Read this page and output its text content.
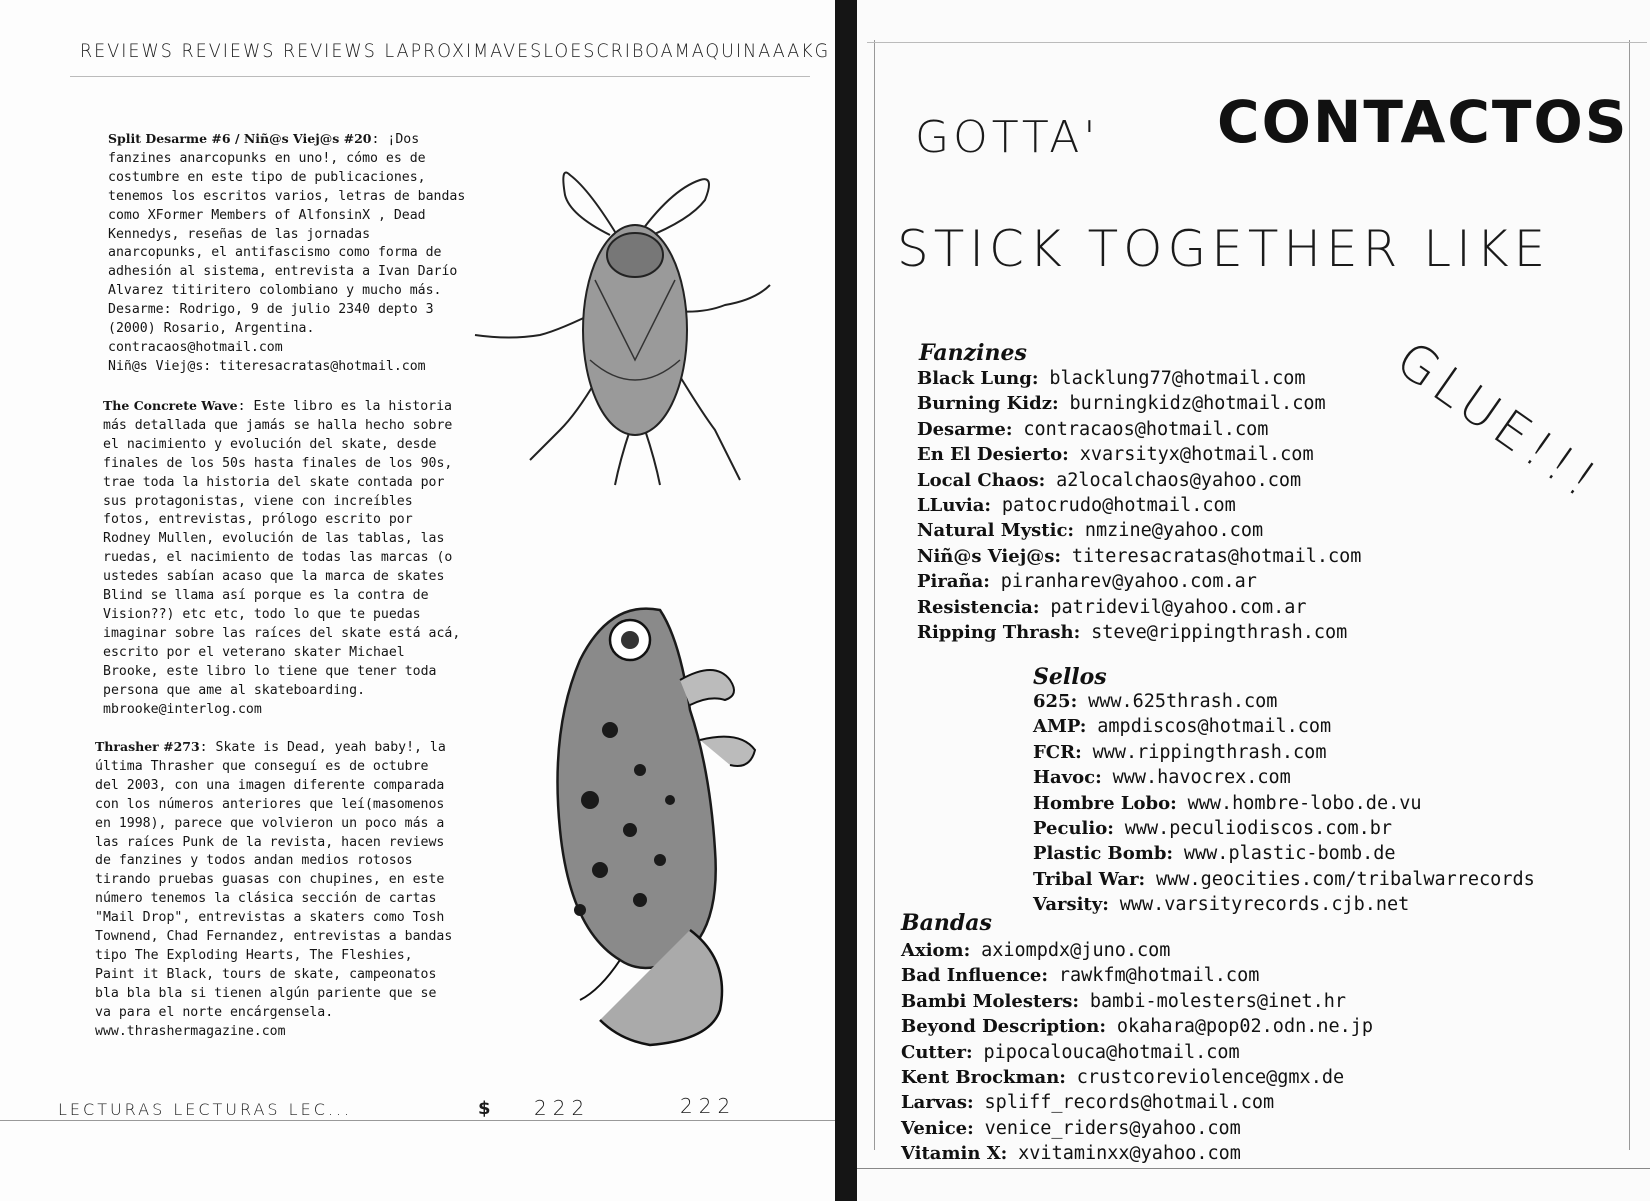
REVIEWS REVIEWS REVIEWS LAPROXIMAVESLOESCRIBOAMAQUINAAAKG

Split Desarme #6 / Niñ@s Viej@s #20: ¡Dos

fanzines anarcopunks en uno!, cómo es de

costumbre en este tipo de publicaciones,

tenemos los escritos varios, letras de bandas

como XFormer Members of AlfonsinX , Dead

Kennedys, reseñas de las jornadas

anarcopunks, el antifascismo como forma de

adhesión al sistema, entrevista a Ivan Darío

Alvarez titiritero colombiano y mucho más.

Desarme: Rodrigo, 9 de julio 2340 depto 3

(2000) Rosario, Argentina.

contracaos@hotmail.com

Niñ@s Viej@s: titeresacratas@hotmail.com

The Concrete Wave: Este libro es la historia

más detallada que jamás se halla hecho sobre

el nacimiento y evolución del skate, desde

finales de los 50s hasta finales de los 90s,

trae toda la historia del skate contada por

sus protagonistas, viene con increíbles

fotos, entrevistas, prólogo escrito por

Rodney Mullen, evolución de las tablas, las

ruedas, el nacimiento de todas las marcas (o

ustedes sabían acaso que la marca de skates

Blind se llama así porque es la contra de

Vision??) etc etc, todo lo que te puedas

imaginar sobre las raíces del skate está acá,

escrito por el veterano skater Michael

Brooke, este libro lo tiene que tener toda

persona que ame al skateboarding.

mbrooke@interlog.com

Thrasher #273: Skate is Dead, yeah baby!, la

última Thrasher que conseguí es de octubre

del 2003, con una imagen diferente comparada

con los números anteriores que leí(masomenos

en 1998), parece que volvieron un poco más a

las raíces Punk de la revista, hacen reviews

de fanzines y todos andan medios rotosos

tirando pruebas guasas con chupines, en este

número tenemos la clásica sección de cartas

"Mail Drop", entrevistas a skaters como Tosh

Townend, Chad Fernandez, entrevistas a bandas

tipo The Exploding Hearts, The Fleshies,

Paint it Black, tours de skate, campeonatos

bla bla bla si tienen algún pariente que se

va para el norte encárgensela.

www.thrashermagazine.com

LECTURAS LECTURAS LEC...	$ 222	222
GOTTA' CONTACTOS
STICK TOGETHER LIKE
GLUE!!!
Fanzines
Black Lung: blacklung77@hotmail.com
Burning Kidz: burningkidz@hotmail.com
Desarme: contracaos@hotmail.com
En El Desierto: xvarsityx@hotmail.com
Local Chaos: a2localchaos@yahoo.com
LLuvia: patocrudo@hotmail.com
Natural Mystic: nmzine@yahoo.com
Niñ@s Viej@s: titeresacratas@hotmail.com
Piraña: piranharev@yahoo.com.ar
Resistencia: patridevil@yahoo.com.ar
Ripping Thrash: steve@rippingthrash.com
Sellos
625: www.625thrash.com
AMP: ampdiscos@hotmail.com
FCR: www.rippingthrash.com
Havoc: www.havocrex.com
Hombre Lobo: www.hombre-lobo.de.vu
Peculio: www.peculiodiscos.com.br
Plastic Bomb: www.plastic-bomb.de
Tribal War: www.geocities.com/tribalwarrecords
Varsity: www.varsityrecords.cjb.net
Bandas
Axiom: axiompdx@juno.com
Bad Influence: rawkfm@hotmail.com
Bambi Molesters: bambi-molesters@inet.hr
Beyond Description: okahara@pop02.odn.ne.jp
Cutter: pipocalouca@hotmail.com
Kent Brockman: crustcoreviolence@gmx.de
Larvas: spliff_records@hotmail.com
Venice: venice_riders@yahoo.com
Vitamin X: xvitaminxx@yahoo.com
